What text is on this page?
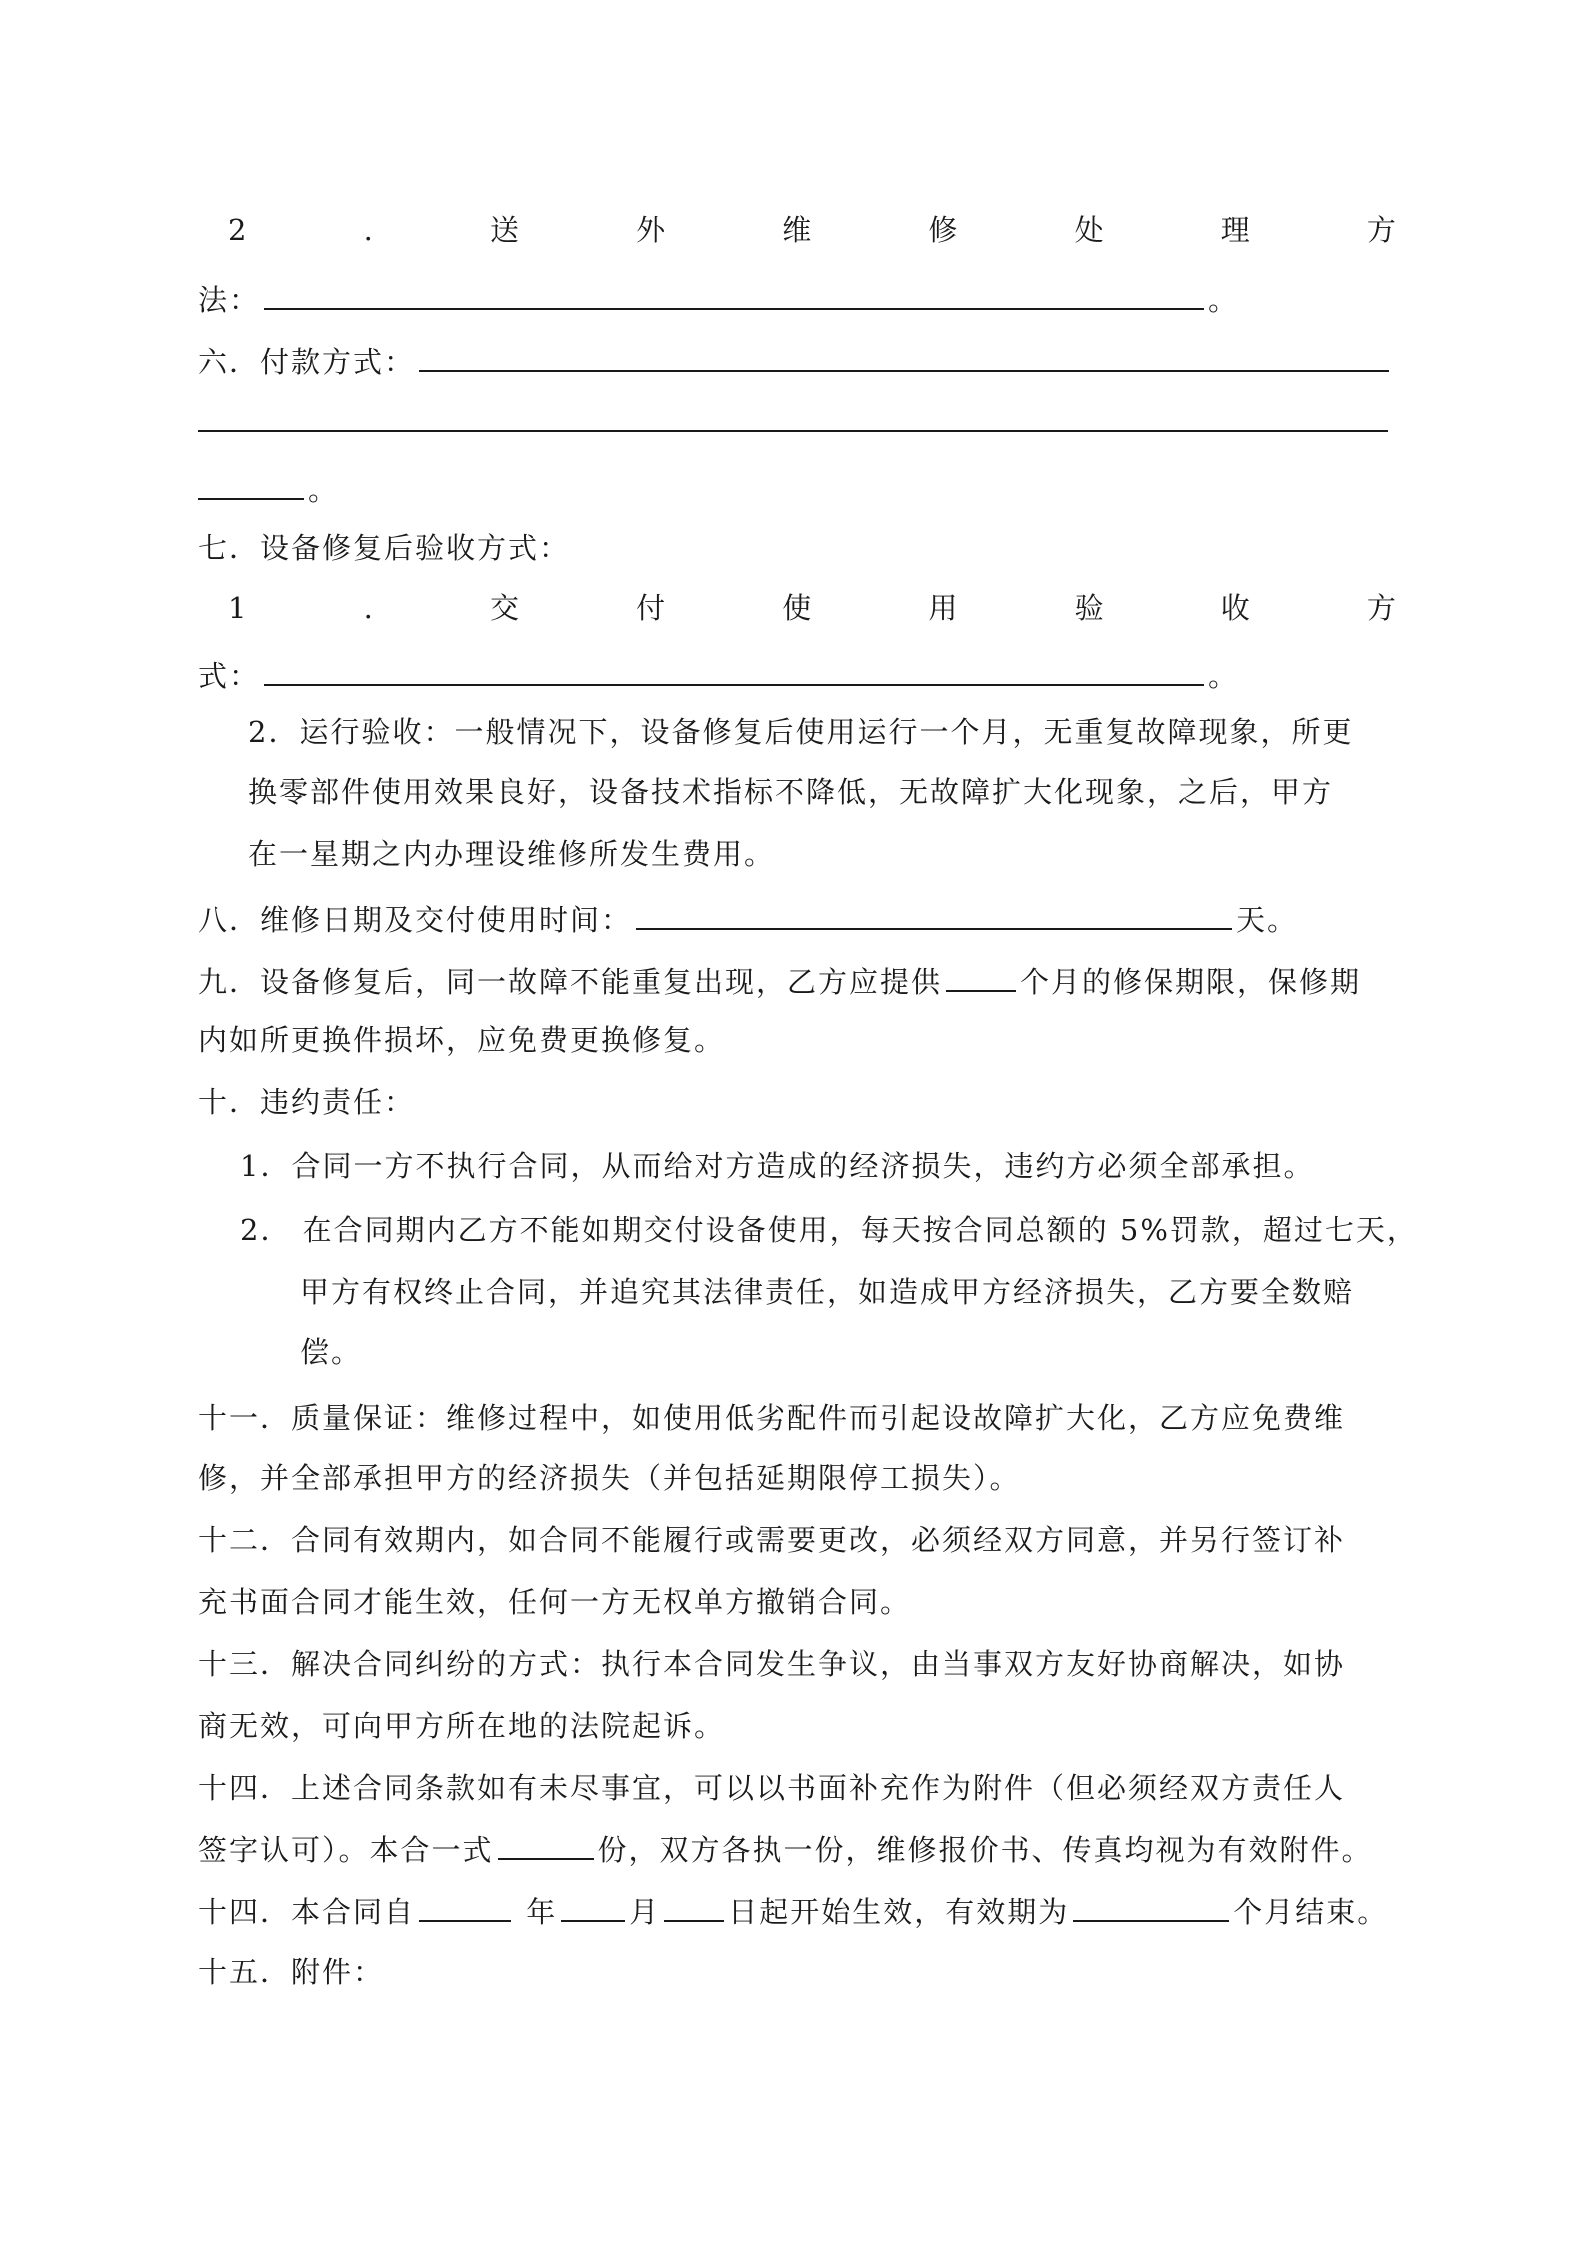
2	.	送	外	维	修	处	理	方
法：	。
六．付款方式：
。
七．设备修复后验收方式：
1	.	交	付	使	用	验	收	方
式：	。
2．运行验收：一般情况下，设备修复后使用运行一个月，无重复故障现象，所更
换零部件使用效果良好，设备技术指标不降低，无故障扩大化现象，之后，甲方
在一星期之内办理设维修所发生费用。
八．维修日期及交付使用时间：	天。
九．设备修复后，同一故障不能重复出现，乙方应提供	个月的修保期限，保修期
内如所更换件损坏，应免费更换修复。
十．违约责任：
1．合同一方不执行合同，从而给对方造成的经济损失，违约方必须全部承担。
2． 在合同期内乙方不能如期交付设备使用，每天按合同总额的 5%罚款，超过七天，
甲方有权终止合同，并追究其法律责任，如造成甲方经济损失，乙方要全数赔
偿。
十一．质量保证：维修过程中，如使用低劣配件而引起设故障扩大化，乙方应免费维
修，并全部承担甲方的经济损失（并包括延期限停工损失）。
十二．合同有效期内，如合同不能履行或需要更改，必须经双方同意，并另行签订补
充书面合同才能生效，任何一方无权单方撤销合同。
十三．解决合同纠纷的方式：执行本合同发生争议，由当事双方友好协商解决，如协
商无效，可向甲方所在地的法院起诉。
十四．上述合同条款如有未尽事宜，可以以书面补充作为附件（但必须经双方责任人
签字认可）。本合一式	份，双方各执一份，维修报价书、传真均视为有效附件。
十四．本合同自	年 月 日起开始生效，有效期为	个月结束。
十五．附件：
